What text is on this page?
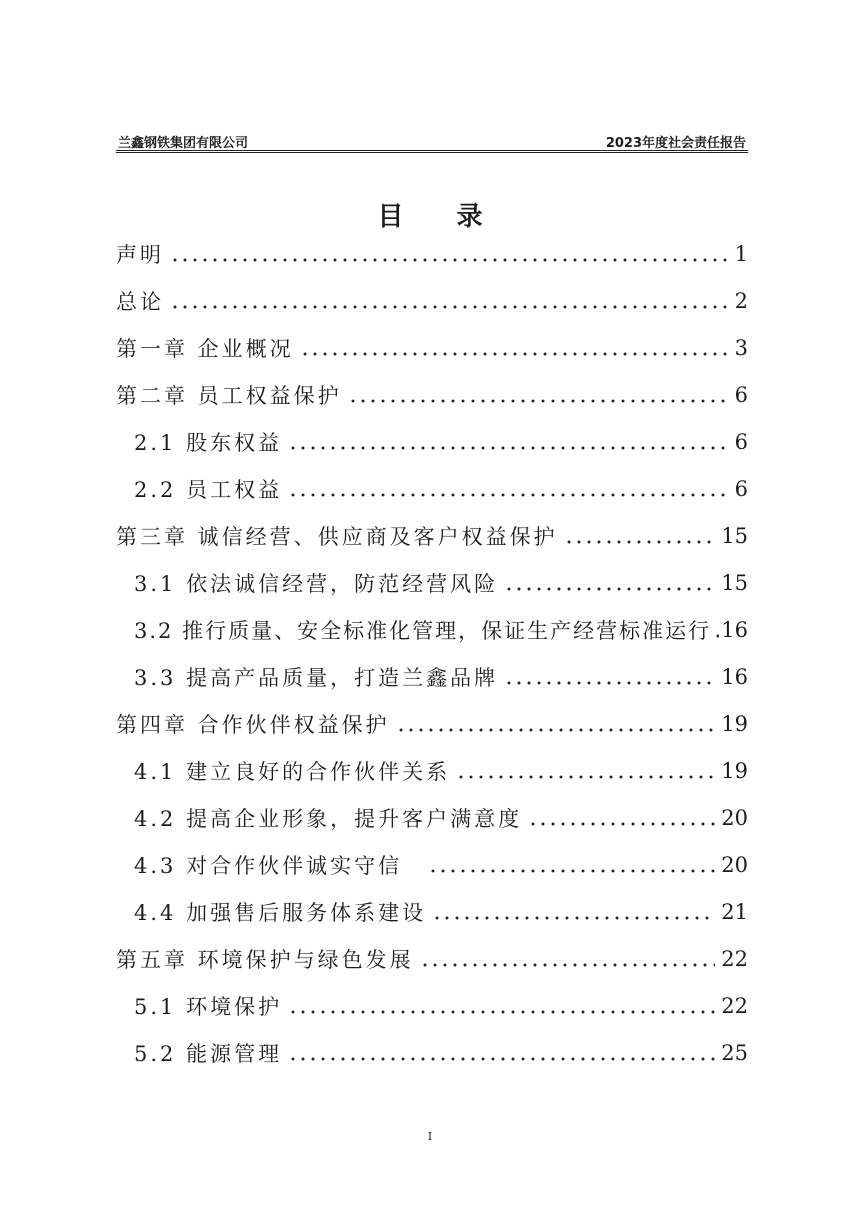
兰鑫钢铁集团有限公司	2023年度社会责任报告
目 录
声明	1
总论	2
第一章 企业概况	3
第二章 员工权益保护	6
2.1 股东权益	6
2.2 员工权益	6
第三章 诚信经营、供应商及客户权益保护	15
3.1 依法诚信经营，防范经营风险	15
3.2 推行质量、安全标准化管理，保证生产经营标准运行 16
3.3 提高产品质量，打造兰鑫品牌	16
第四章 合作伙伴权益保护	19
4.1 建立良好的合作伙伴关系	19
4.2 提高企业形象，提升客户满意度	20
4.3 对合作伙伴诚实守信	20
4.4 加强售后服务体系建设	21
第五章 环境保护与绿色发展	22
5.1 环境保护	22
5.2 能源管理	25
I
